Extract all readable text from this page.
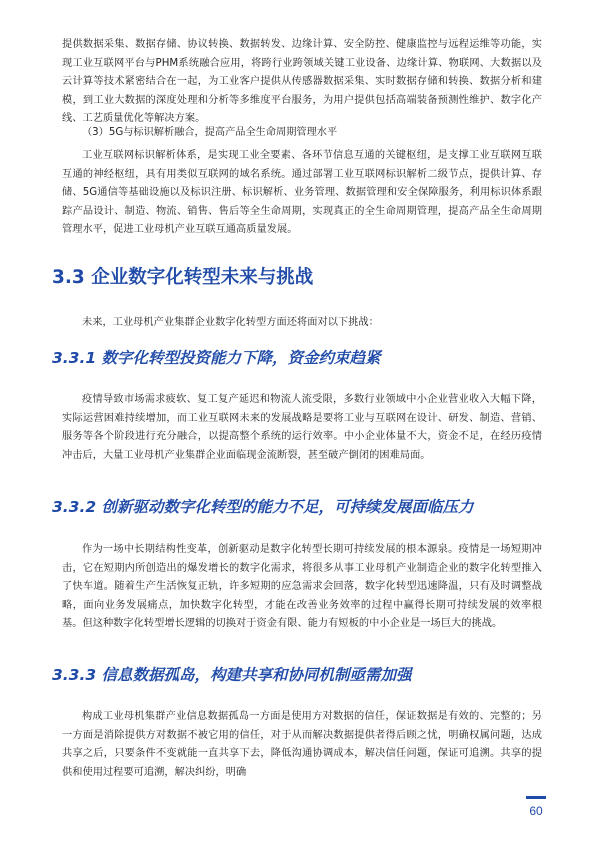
提供数据采集、数据存储、协议转换、数据转发、边缘计算、安全防控、健康监控与远程运维等功能，实现工业互联网平台与PHM系统融合应用，将跨行业跨领域关键工业设备、边缘计算、物联网、大数据以及云计算等技术紧密结合在一起，为工业客户提供从传感器数据采集、实时数据存储和转换、数据分析和建模，到工业大数据的深度处理和分析等多维度平台服务，为用户提供包括高端装备预测性维护、数字化产线、工艺质量优化等解决方案。

（3）5G与标识解析融合，提高产品全生命周期管理水平

工业互联网标识解析体系，是实现工业全要素、各环节信息互通的关键枢纽，是支撑工业互联网互联互通的神经枢纽，具有用类似互联网的域名系统。通过部署工业互联网标识解析二级节点，提供计算、存储、5G通信等基础设施以及标识注册、标识解析、业务管理、数据管理和安全保障服务，利用标识体系跟踪产品设计、制造、物流、销售、售后等全生命周期，实现真正的全生命周期管理，提高产品全生命周期管理水平，促进工业母机产业互联互通高质量发展。

3.3 企业数字化转型未来与挑战

未来，工业母机产业集群企业数字化转型方面还将面对以下挑战：

3.3.1 数字化转型投资能力下降，资金约束趋紧

疫情导致市场需求疲软、复工复产延迟和物流人流受限，多数行业领域中小企业营业收入大幅下降，实际运营困难持续增加，而工业互联网未来的发展战略是要将工业与互联网在设计、研发、制造、营销、服务等各个阶段进行充分融合，以提高整个系统的运行效率。中小企业体量不大，资金不足，在经历疫情冲击后，大量工业母机产业集群企业面临现金流断裂，甚至破产倒闭的困难局面。

3.3.2 创新驱动数字化转型的能力不足，可持续发展面临压力

作为一场中长期结构性变革，创新驱动是数字化转型长期可持续发展的根本源泉。疫情是一场短期冲击，它在短期内所创造出的爆发增长的数字化需求，将很多从事工业母机产业制造企业的数字化转型推入了快车道。随着生产生活恢复正轨，许多短期的应急需求会回落，数字化转型迅速降温，只有及时调整战略，面向业务发展痛点，加快数字化转型，才能在改善业务效率的过程中赢得长期可持续发展的效率根基。但这种数字化转型增长逻辑的切换对于资金有限、能力有短板的中小企业是一场巨大的挑战。

3.3.3 信息数据孤岛，构建共享和协同机制亟需加强

构成工业母机集群产业信息数据孤岛一方面是使用方对数据的信任，保证数据是有效的、完整的；另一方面是消除提供方对数据不被它用的信任，对于从而解决数据提供者得后顾之忧，明确权属问题，达成共享之后，只要条件不变就能一直共享下去，降低沟通协调成本，解决信任问题，保证可追溯。共享的提供和使用过程要可追溯，解决纠纷，明确

60
